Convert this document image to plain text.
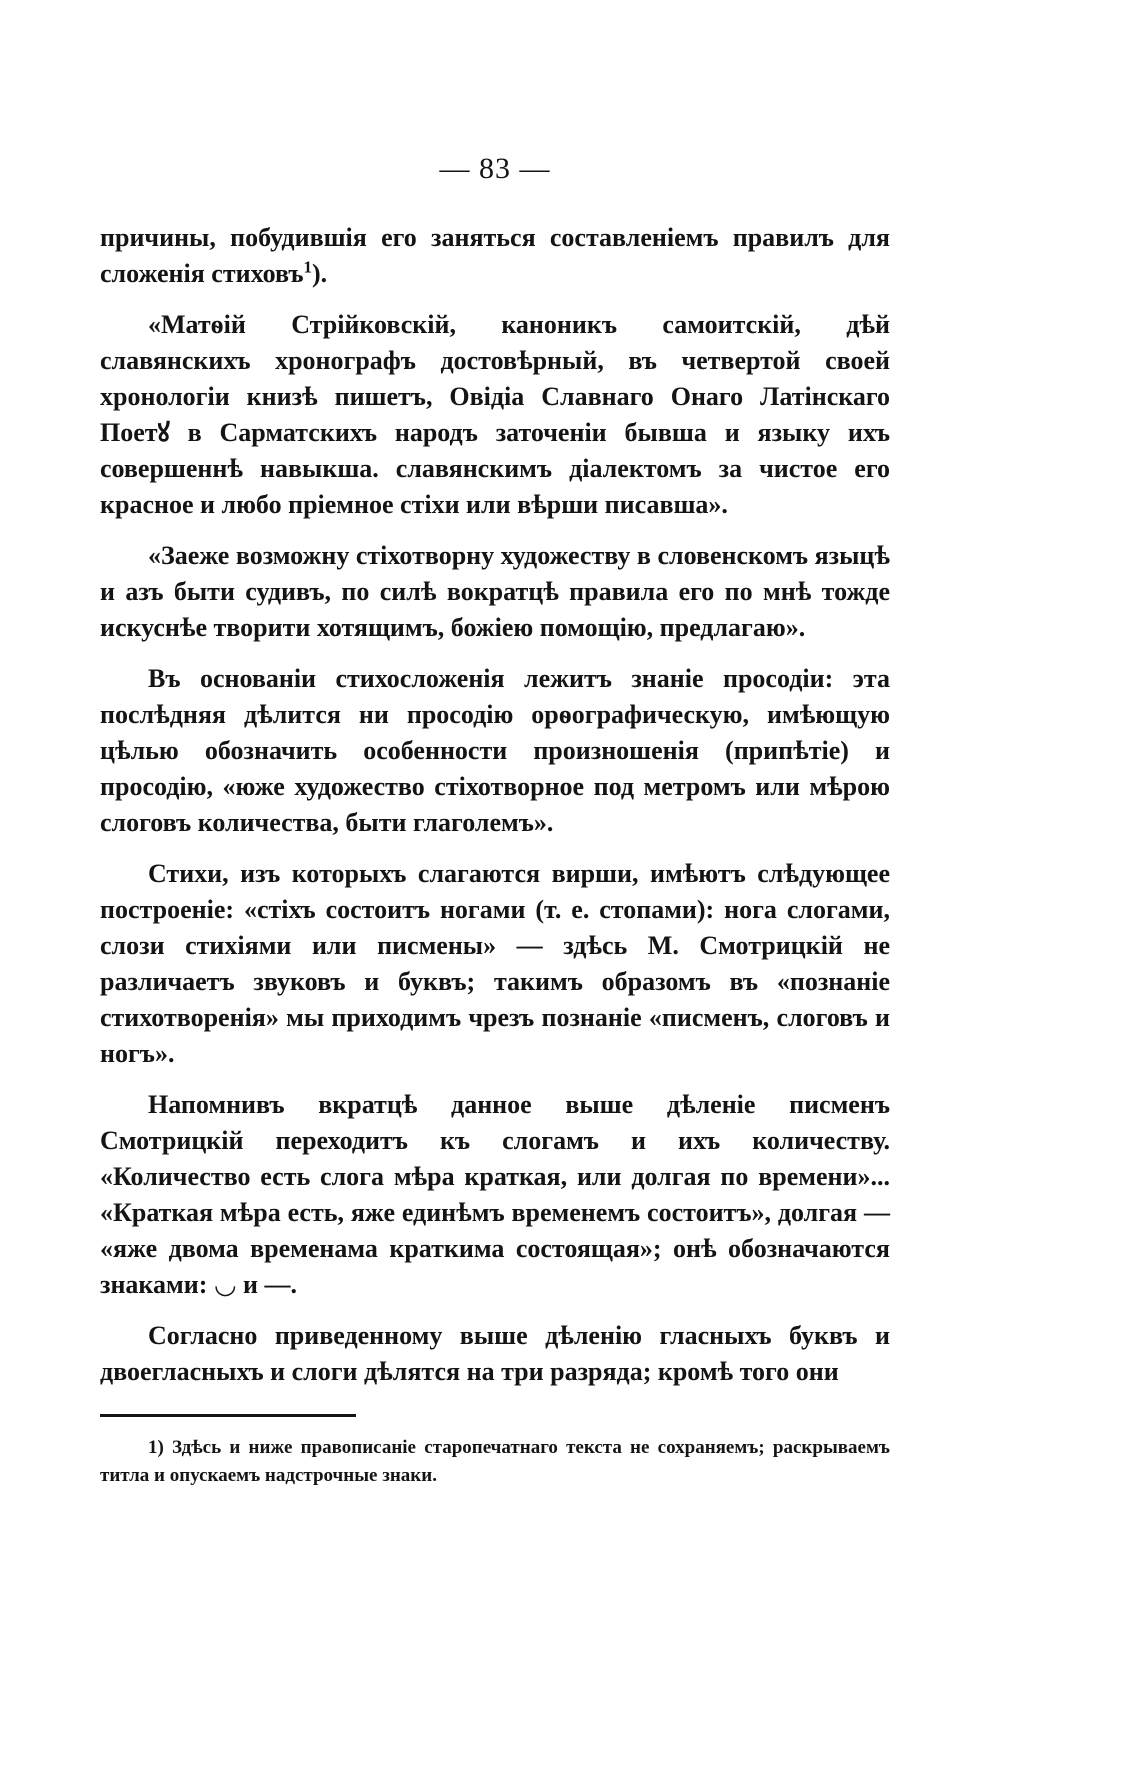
— 83 —

причины, побудившія его заняться составленіемъ правилъ для сложенія стиховъ$^1$).

«Матѳій Стрійковскій, каноникъ самоитскій, дѣй славянскихъ хронографъ достовѣрный, въ четвертой своей хронологіи книзѣ пишетъ, Овідіа Славнаго Онаго Латінскаго Поетꙋ в Сарматскихъ народъ заточеніи бывша и языку ихъ совершеннѣ навыкша. славянскимъ діалектомъ за чистое его красное и любо пріемное стіхи или вѣрши писавша».

«Заеже возможну стіхотворну художеству в словенскомъ языцѣ и азъ быти судивъ, по силѣ вократцѣ правила его по мнѣ тожде искуснѣе творити хотящимъ, божіею помощію, предлагаю».

Въ основаніи стихосложенія лежитъ знаніе просодіи: эта послѣдняя дѣлится ни просодію орѳографическую, имѣющую цѣлью обозначить особенности произношенія (припѣтіе) и просодію, «юже художество стіхотворное под метромъ или мѣрою слоговъ количества, быти глаголемъ».

Стихи, изъ которыхъ слагаются вирши, имѣютъ слѣдующее построеніе: «стіхъ состоитъ ногами (т. е. стопами): нога слогами, слози стихіями или писмены» — здѣсь М. Смотрицкій не различаетъ звуковъ и буквъ; такимъ образомъ въ «познаніе стихотворенія» мы приходимъ чрезъ познаніе «писменъ, слоговъ и ногъ».

Напомнивъ вкратцѣ данное выше дѣленіе писменъ Смотрицкій переходитъ къ слогамъ и ихъ количеству. «Количество есть слога мѣра краткая, или долгая по времени»... «Краткая мѣра есть, яже единѣмъ временемъ состоитъ», долгая — «яже двома временама краткима состоящая»; онѣ обозначаются знаками: ◡ и —.

Согласно приведенному выше дѣленію гласныхъ буквъ и двоегласныхъ и слоги дѣлятся на три разряда; кромѣ того они

1) Здѣсь и ниже правописаніе старопечатнаго текста не сохраняемъ; раскрываемъ титла и опускаемъ надстрочные знаки.
